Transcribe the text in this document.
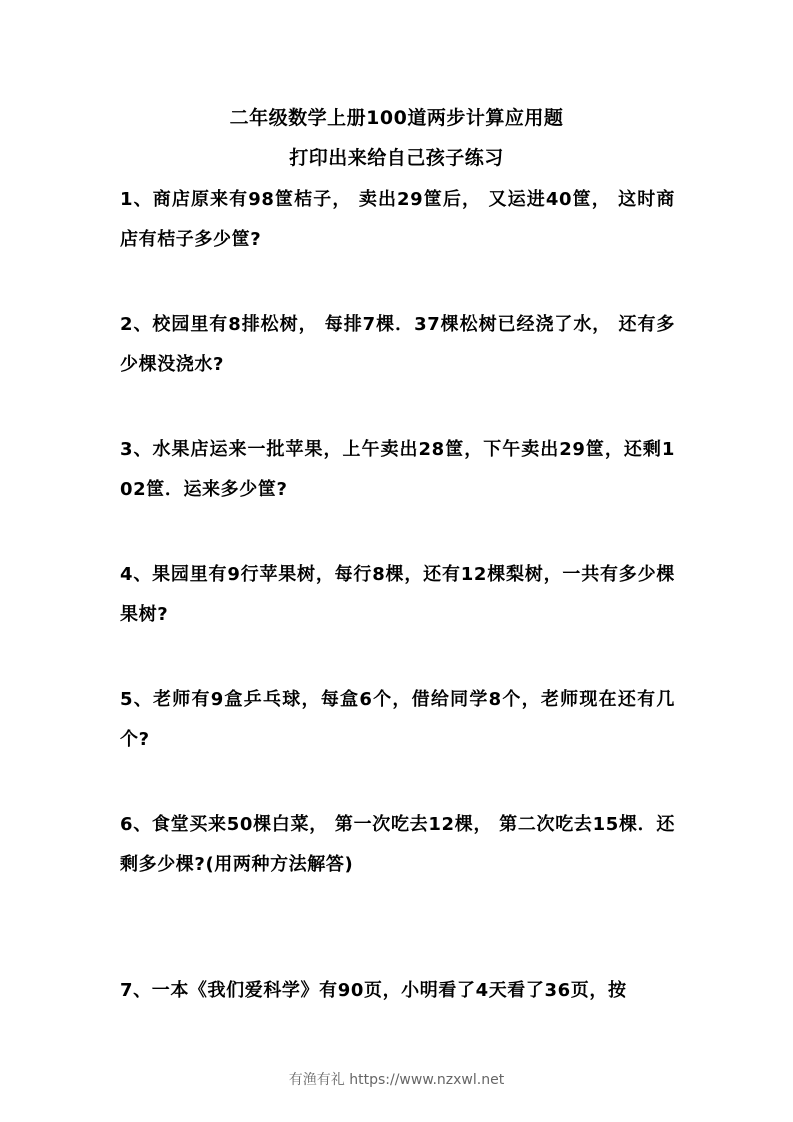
二年级数学上册100道两步计算应用题
打印出来给自己孩子练习
1、商店原来有98筐桔子， 卖出29筐后， 又运进40筐， 这时商店有桔子多少筐?
2、校园里有8排松树， 每排7棵．37棵松树已经浇了水， 还有多少棵没浇水?
3、水果店运来一批苹果，上午卖出28筐，下午卖出29筐，还剩102筐．运来多少筐?
4、果园里有9行苹果树，每行8棵，还有12棵梨树，一共有多少棵果树?
5、老师有9盒乒乓球，每盒6个，借给同学8个，老师现在还有几个?
6、食堂买来50棵白菜， 第一次吃去12棵， 第二次吃去15棵．还剩多少棵?(用两种方法解答)
7、一本《我们爱科学》有90页，小明看了4天看了36页，按
有渔有礼 https://www.nzxwl.net
